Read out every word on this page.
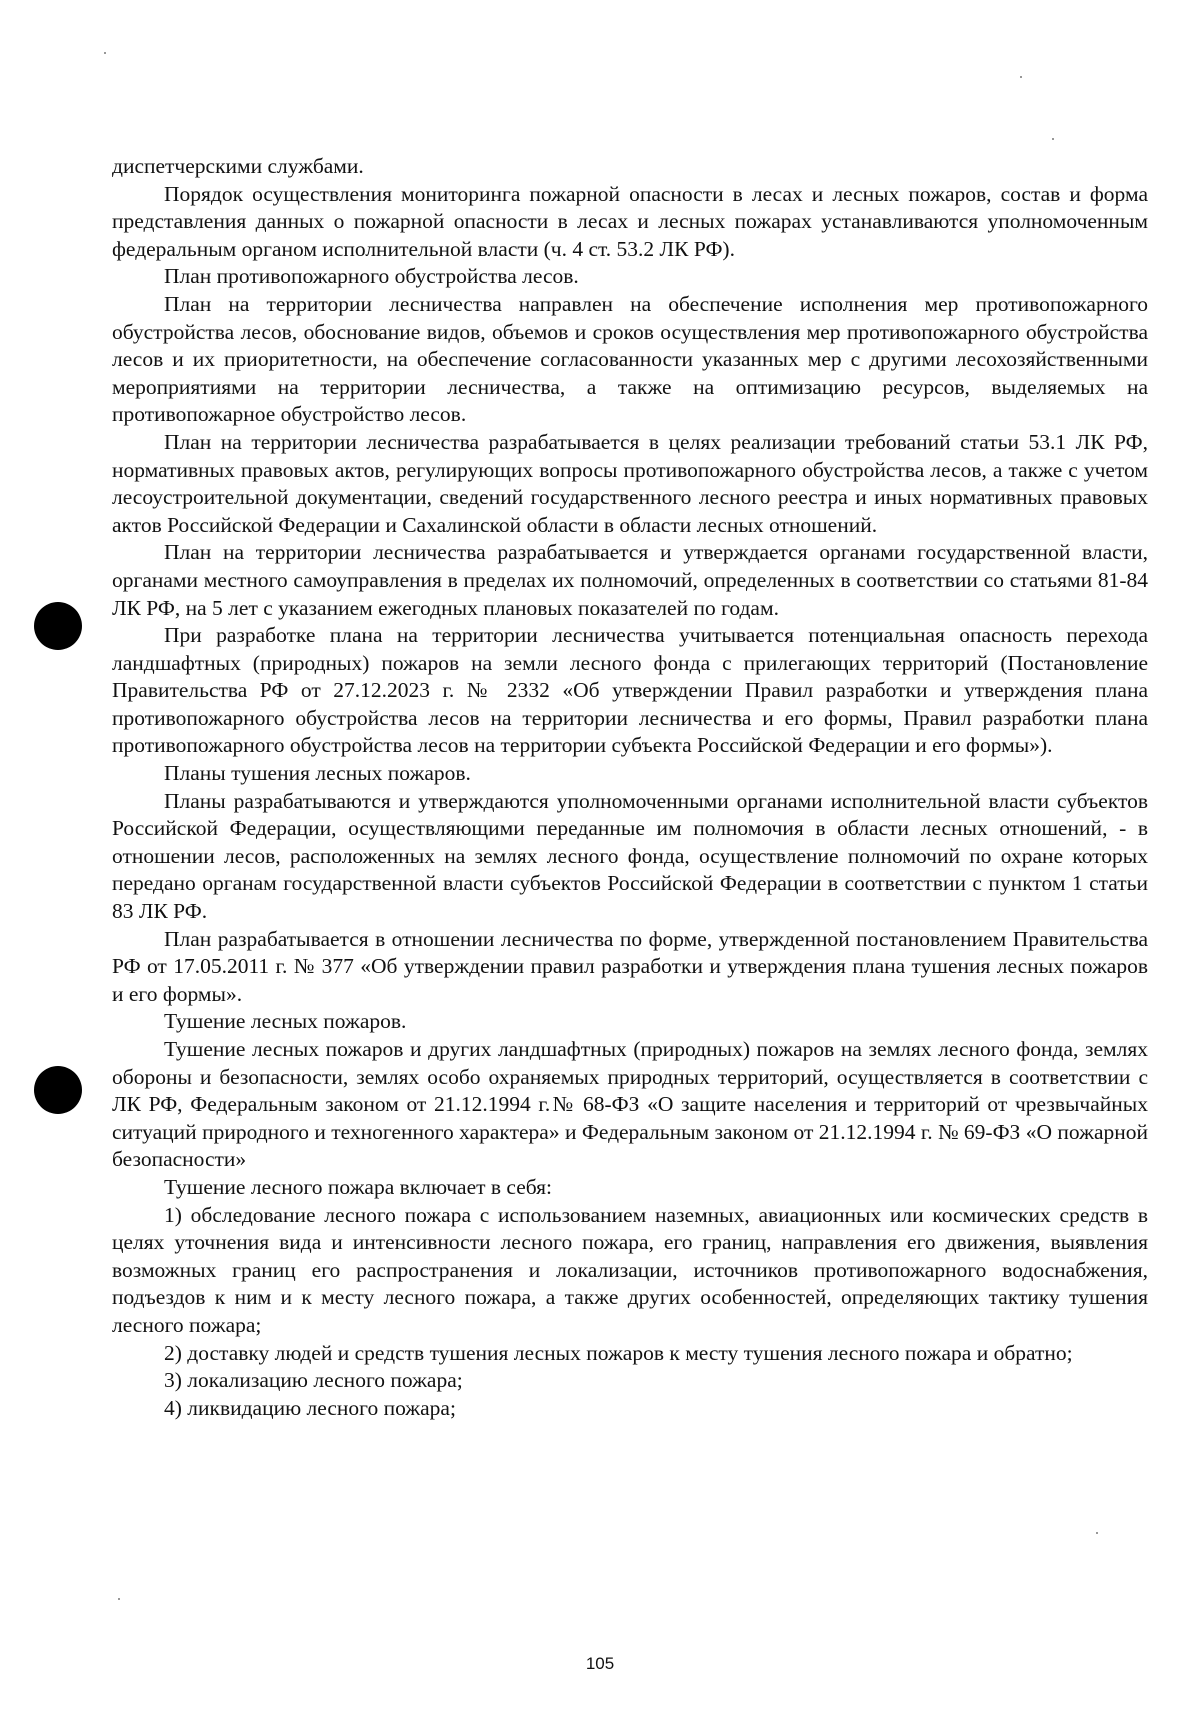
диспетчерскими службами.

Порядок осуществления мониторинга пожарной опасности в лесах и лесных пожаров, состав и форма представления данных о пожарной опасности в лесах и лесных пожарах устанавливаются уполномоченным федеральным органом исполнительной власти (ч. 4 ст. 53.2 ЛК РФ).

План противопожарного обустройства лесов.

План на территории лесничества направлен на обеспечение исполнения мер противопожарного обустройства лесов, обоснование видов, объемов и сроков осуществления мер противопожарного обустройства лесов и их приоритетности, на обеспечение согласованности указанных мер с другими лесохозяйственными мероприятиями на территории лесничества, а также на оптимизацию ресурсов, выделяемых на противопожарное обустройство лесов.

План на территории лесничества разрабатывается в целях реализации требований статьи 53.1 ЛК РФ, нормативных правовых актов, регулирующих вопросы противопожарного обустройства лесов, а также с учетом лесоустроительной документации, сведений государственного лесного реестра и иных нормативных правовых актов Российской Федерации и Сахалинской области в области лесных отношений.

План на территории лесничества разрабатывается и утверждается органами государственной власти, органами местного самоуправления в пределах их полномочий, определенных в соответствии со статьями 81-84 ЛК РФ, на 5 лет с указанием ежегодных плановых показателей по годам.

При разработке плана на территории лесничества учитывается потенциальная опасность перехода ландшафтных (природных) пожаров на земли лесного фонда с прилегающих территорий (Постановление Правительства РФ от 27.12.2023 г. № 2332 «Об утверждении Правил разработки и утверждения плана противопожарного обустройства лесов на территории лесничества и его формы, Правил разработки плана противопожарного обустройства лесов на территории субъекта Российской Федерации и его формы»).

Планы тушения лесных пожаров.

Планы разрабатываются и утверждаются уполномоченными органами исполнительной власти субъектов Российской Федерации, осуществляющими переданные им полномочия в области лесных отношений, - в отношении лесов, расположенных на землях лесного фонда, осуществление полномочий по охране которых передано органам государственной власти субъектов Российской Федерации в соответствии с пунктом 1 статьи 83 ЛК РФ.

План разрабатывается в отношении лесничества по форме, утвержденной постановлением Правительства РФ от 17.05.2011 г. № 377 «Об утверждении правил разработки и утверждения плана тушения лесных пожаров и его формы».

Тушение лесных пожаров.

Тушение лесных пожаров и других ландшафтных (природных) пожаров на землях лесного фонда, землях обороны и безопасности, землях особо охраняемых природных территорий, осуществляется в соответствии с ЛК РФ, Федеральным законом от 21.12.1994 г.№ 68-ФЗ «О защите населения и территорий от чрезвычайных ситуаций природного и техногенного характера» и Федеральным законом от 21.12.1994 г. № 69-ФЗ «О пожарной безопасности»

Тушение лесного пожара включает в себя:

1) обследование лесного пожара с использованием наземных, авиационных или космических средств в целях уточнения вида и интенсивности лесного пожара, его границ, направления его движения, выявления возможных границ его распространения и локализации, источников противопожарного водоснабжения, подъездов к ним и к месту лесного пожара, а также других особенностей, определяющих тактику тушения лесного пожара;

2) доставку людей и средств тушения лесных пожаров к месту тушения лесного пожара и обратно;

3) локализацию лесного пожара;

4) ликвидацию лесного пожара;

105
